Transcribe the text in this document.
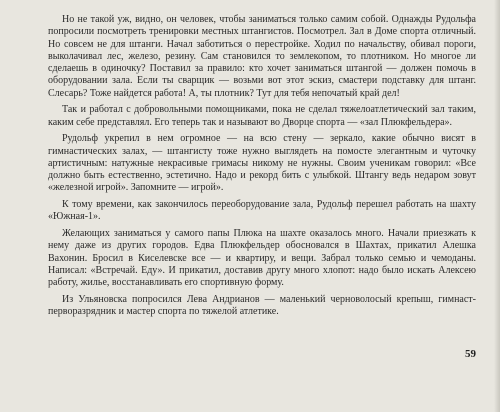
Но не такой уж, видно, он человек, чтобы заниматься только самим собой. Однажды Рудольфа попросили посмотреть тренировки местных штангистов. Посмотрел. Зал в Доме спорта отличный. Но совсем не для штанги. Начал заботиться о перестройке. Ходил по начальству, обивал пороги, выколачивал лес, железо, резину. Сам становился то землекопом, то плотником. Но многое ли сделаешь в одиночку? Поставил за правило: кто хочет заниматься штангой — должен помочь в оборудовании зала. Если ты сварщик — возьми вот этот эскиз, смастери подставку для штанг. Слесарь? Тоже найдется работа! А, ты плотник? Тут для тебя непочатый край дел!

Так и работал с добровольными помощниками, пока не сделал тяжелоатлетический зал таким, каким себе представлял. Его теперь так и называют во Дворце спорта — «зал Плюкфельдера».

Рудольф укрепил в нем огромное — на всю стену — зеркало, какие обычно висят в гимнастических залах, — штангисту тоже нужно выглядеть на помосте элегантным и чуточку артистичным: натужные некрасивые гримасы никому не нужны. Своим ученикам говорил: «Все должно быть естественно, эстетично. Надо и рекорд бить с улыбкой. Штангу ведь недаром зовут «железной игрой». Запомните — игрой».

К тому времени, как закончилось переоборудование зала, Рудольф перешел работать на шахту «Южная-1».

Желающих заниматься у самого папы Плюка на шахте оказалось много. Начали приезжать к нему даже из других городов. Едва Плюкфельдер обосновался в Шахтах, прикатил Алешка Вахонин. Бросил в Киселевске все — и квартиру, и вещи. Забрал только семью и чемоданы. Написал: «Встречай. Еду». И прикатил, доставив другу много хлопот: надо было искать Алексею работу, жилье, восстанавливать его спортивную форму.

Из Ульяновска попросился Лева Андрианов — маленький черноволосый крепыш, гимнаст-перворазрядник и мастер спорта по тяжелой атлетике.

59
